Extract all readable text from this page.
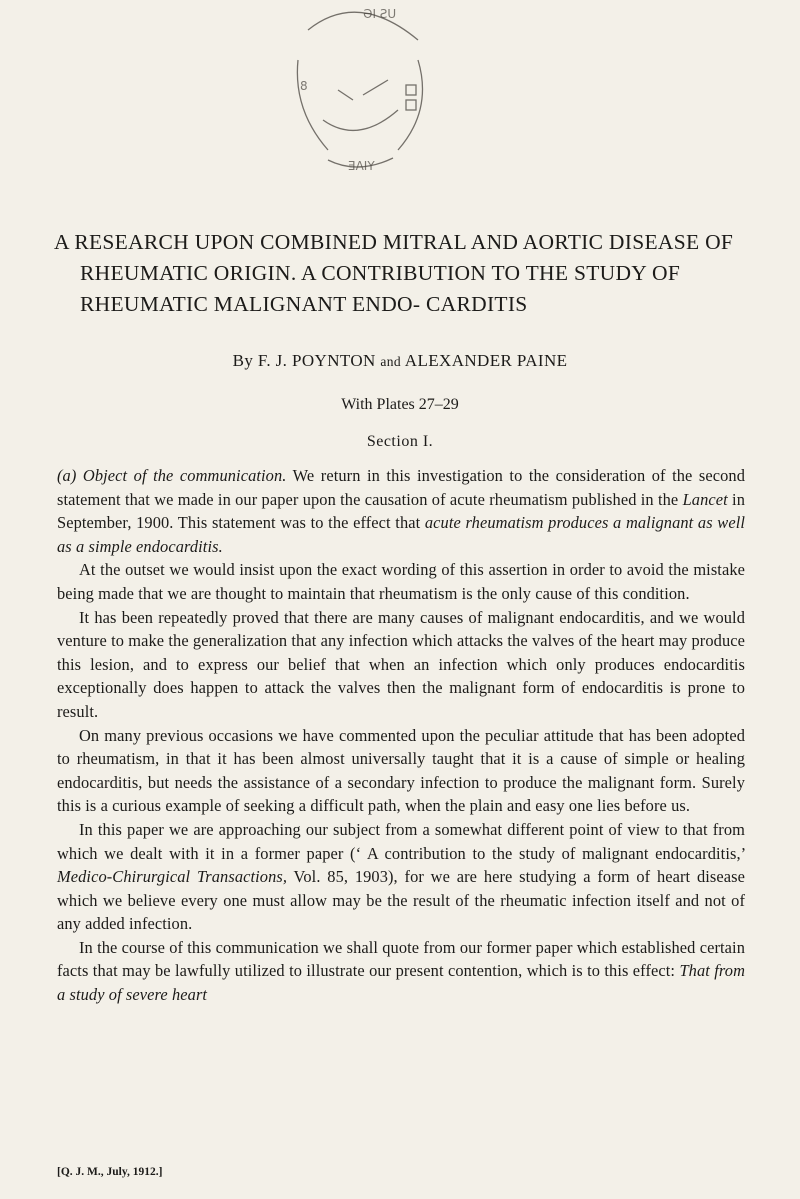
ƏI ƧU
8
ƎAIY
A RESEARCH UPON COMBINED MITRAL AND AORTIC DISEASE OF RHEUMATIC ORIGIN. A CONTRIBUTION TO THE STUDY OF RHEUMATIC MALIGNANT ENDO- CARDITIS
By F. J. POYNTON and ALEXANDER PAINE
With Plates 27–29
Section I.

(a) Object of the communication. We return in this investigation to the consideration of the second statement that we made in our paper upon the causation of acute rheumatism published in the Lancet in September, 1900. This statement was to the effect that acute rheumatism produces a malignant as well as a simple endocarditis.

At the outset we would insist upon the exact wording of this assertion in order to avoid the mistake being made that we are thought to maintain that rheumatism is the only cause of this condition.

It has been repeatedly proved that there are many causes of malignant endocarditis, and we would venture to make the generalization that any infection which attacks the valves of the heart may produce this lesion, and to express our belief that when an infection which only produces endocarditis exceptionally does happen to attack the valves then the malignant form of endocarditis is prone to result.

On many previous occasions we have commented upon the peculiar attitude that has been adopted to rheumatism, in that it has been almost universally taught that it is a cause of simple or healing endocarditis, but needs the assistance of a secondary infection to produce the malignant form. Surely this is a curious example of seeking a difficult path, when the plain and easy one lies before us.

In this paper we are approaching our subject from a somewhat different point of view to that from which we dealt with it in a former paper (‘ A contribution to the study of malignant endocarditis,’ Medico-Chirurgical Transactions, Vol. 85, 1903), for we are here studying a form of heart disease which we believe every one must allow may be the result of the rheumatic infection itself and not of any added infection.

In the course of this communication we shall quote from our former paper which established certain facts that may be lawfully utilized to illustrate our present contention, which is to this effect: That from a study of severe heart

[Q. J. M., July, 1912.]
